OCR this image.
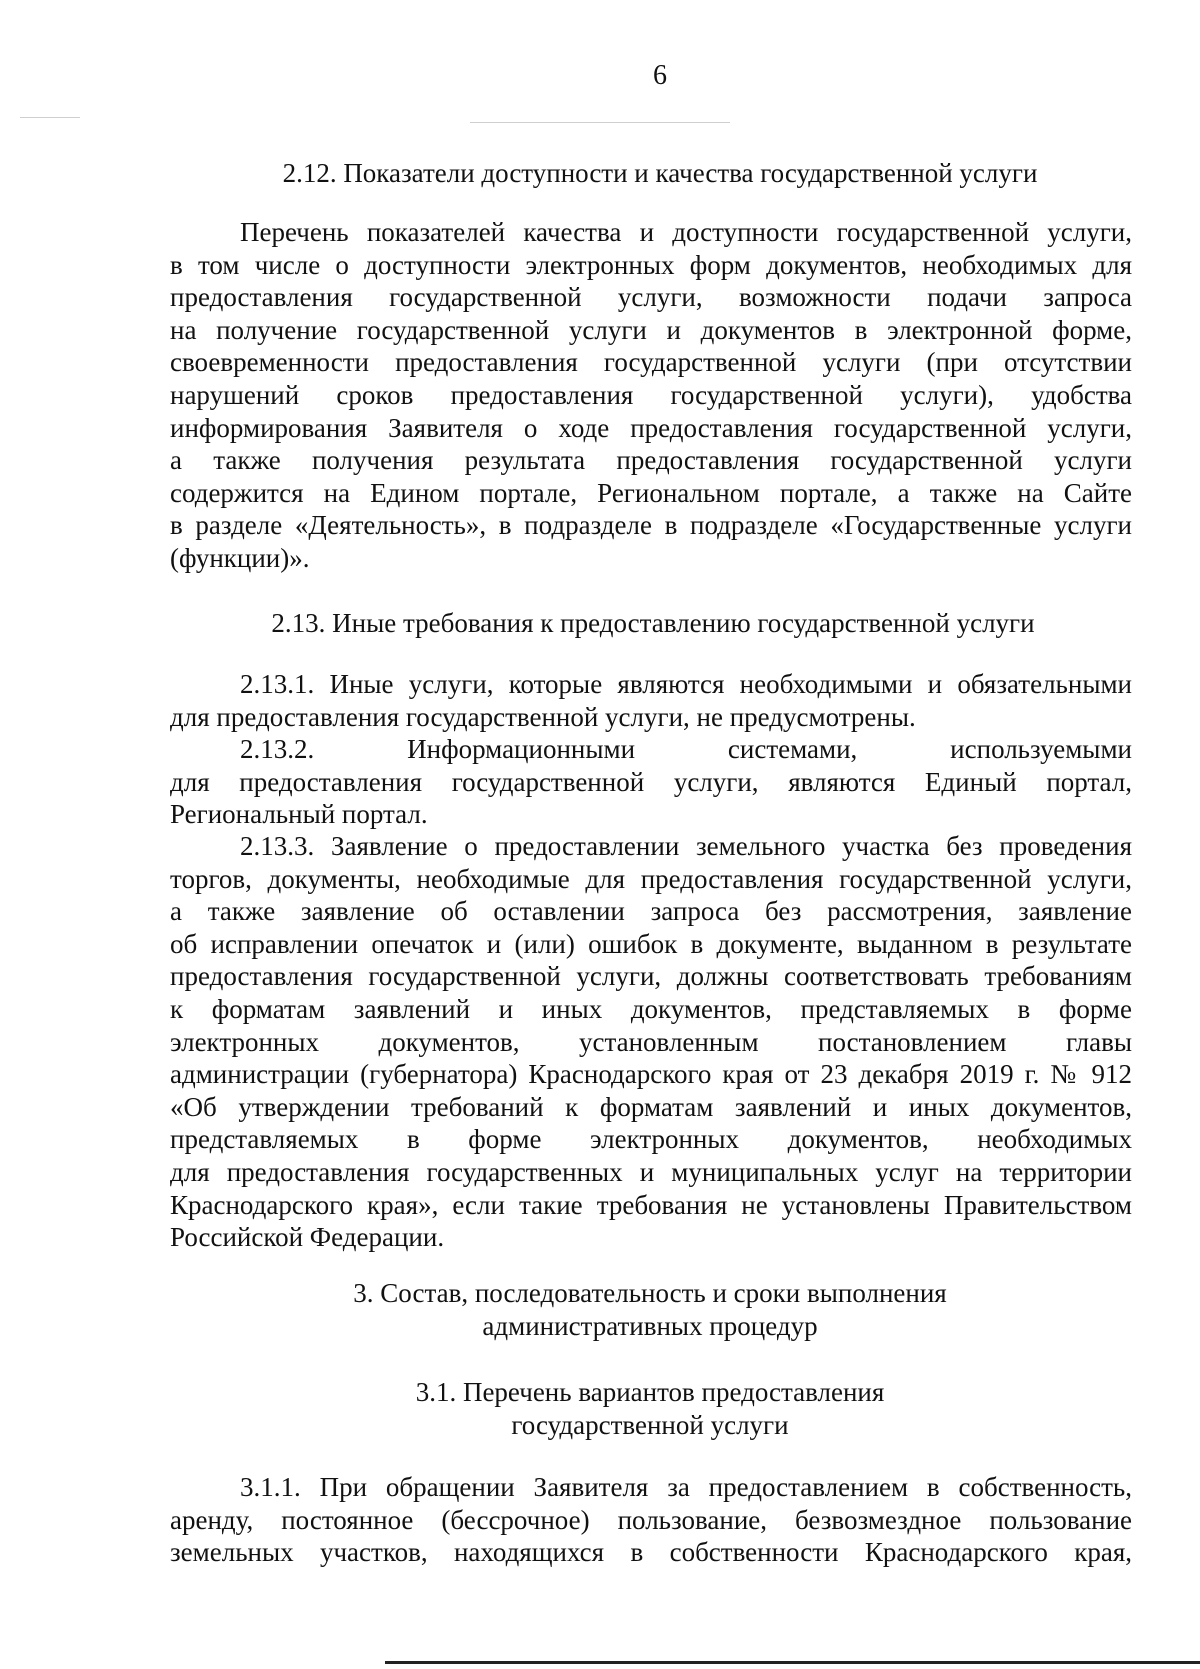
6
2.12. Показатели доступности и качества государственной услуги
Перечень показателей качества и доступности государственной услуги,
в том числе о доступности электронных форм документов, необходимых для
предоставления государственной услуги, возможности подачи запроса
на получение государственной услуги и документов в электронной форме,
своевременности предоставления государственной услуги (при отсутствии
нарушений сроков предоставления государственной услуги), удобства
информирования Заявителя о ходе предоставления государственной услуги,
а также получения результата предоставления государственной услуги
содержится на Едином портале, Региональном портале, а также на Сайте
в разделе «Деятельность», в подразделе в подразделе «Государственные услуги
(функции)».
2.13. Иные требования к предоставлению государственной услуги
2.13.1. Иные услуги, которые являются необходимыми и обязательными
для предоставления государственной услуги, не предусмотрены.
2.13.2. Информационными системами, используемыми
для предоставления государственной услуги, являются Единый портал,
Региональный портал.
2.13.3. Заявление о предоставлении земельного участка без проведения
торгов, документы, необходимые для предоставления государственной услуги,
а также заявление об оставлении запроса без рассмотрения, заявление
об исправлении опечаток и (или) ошибок в документе, выданном в результате
предоставления государственной услуги, должны соответствовать требованиям
к форматам заявлений и иных документов, представляемых в форме
электронных документов, установленным постановлением главы
администрации (губернатора) Краснодарского края от 23 декабря 2019 г. № 912
«Об утверждении требований к форматам заявлений и иных документов,
представляемых в форме электронных документов, необходимых
для предоставления государственных и муниципальных услуг на территории
Краснодарского края», если такие требования не установлены Правительством
Российской Федерации.
3. Состав, последовательность и сроки выполнения
административных процедур
3.1. Перечень вариантов предоставления
государственной услуги
3.1.1. При обращении Заявителя за предоставлением в собственность,
аренду, постоянное (бессрочное) пользование, безвозмездное пользование
земельных участков, находящихся в собственности Краснодарского края,
